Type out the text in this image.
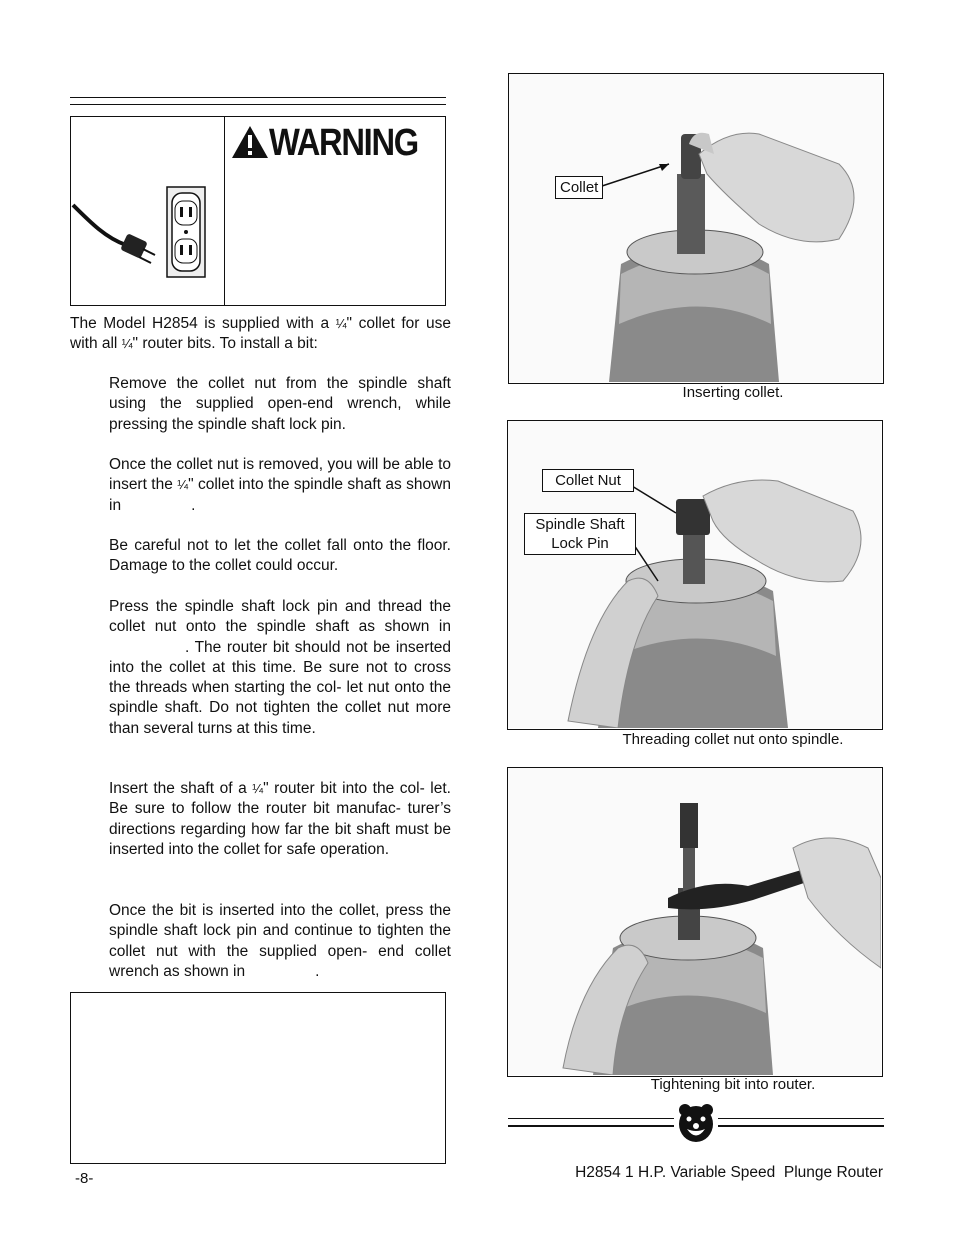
WARNING
The Model H2854 is supplied with a ¼" collet for use with all ¼" router bits. To install a bit:
Remove the collet nut from the spindle shaft using the supplied open-end wrench, while pressing the spindle shaft lock pin.
Once the collet nut is removed, you will be able to insert the ¼" collet into the spindle shaft as shown in	.
Be careful not to let the collet fall onto the floor. Damage to the collet could occur.
Press the spindle shaft lock pin and thread the collet nut onto the spindle shaft as shown in. The router bit should not be inserted into the collet at this time. Be sure not to cross the threads when starting the col- let nut onto the spindle shaft. Do not tighten the collet nut more than several turns at this time.
Insert the shaft of a ¼" router bit into the col- let. Be sure to follow the router bit manufac- turer’s directions regarding how far the bit shaft must be inserted into the collet for safe operation.
Once the bit is inserted into the collet, press the spindle shaft lock pin and continue to tighten the collet nut with the supplied open- end collet wrench as shown in	.
Collet
Inserting collet.
Collet Nut
Spindle Shaft
Lock Pin
Threading collet nut onto spindle.
Tightening bit into router.
-8-	H2854 1 H.P. Variable Speed  Plunge Router
